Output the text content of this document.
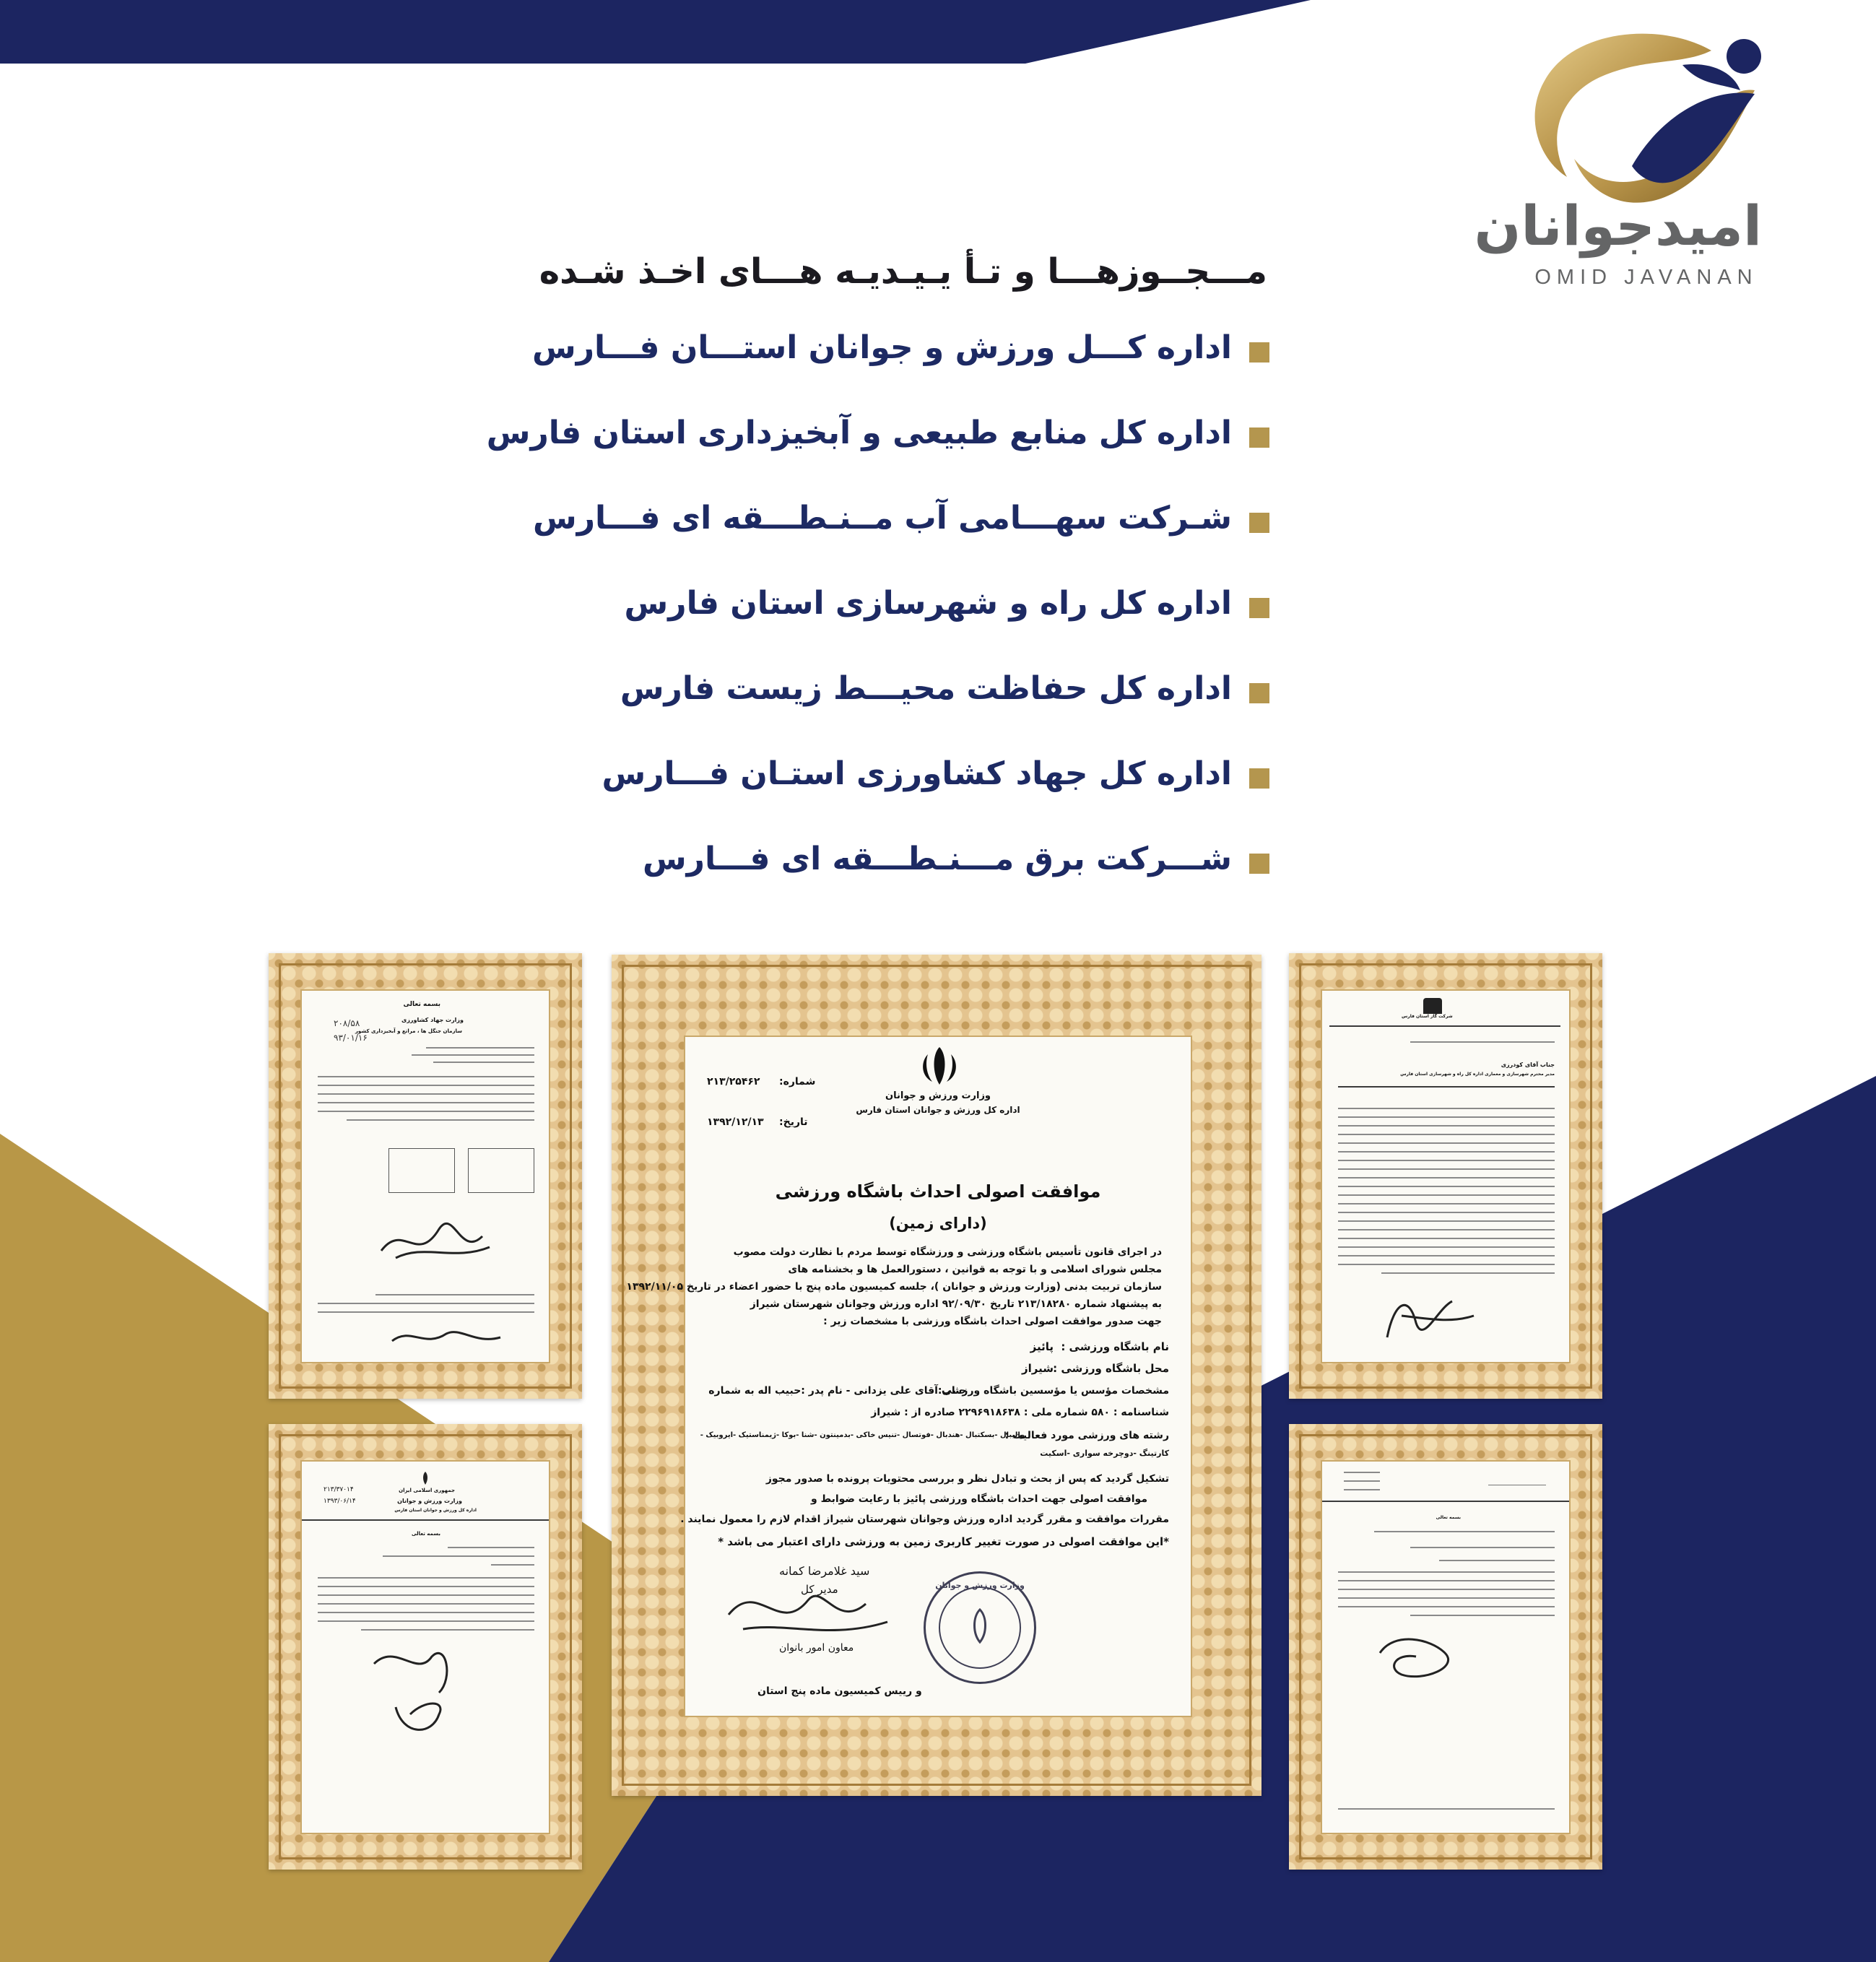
امیدجوانان
OMID JAVANAN
مـــجــوزهـــا و تـأ یـیـدیـه هـــای اخـذ شـده
اداره کـــل ورزش و جوانان استـــان فـــارس
اداره کل منابع طبیعی و آبخیزداری استان فارس
شـرکت سهـــامی آب مــنـطـــقه ای فـــارس
اداره کل راه و شهرسازی استان فارس
اداره کل حفاظت محیـــط زیست فارس
اداره کل جهاد کشاورزی استـان فـــارس
شـــرکت برق مـــنـطـــقه ای فـــارس
بسمه تعالی
وزارت جهاد کشاورزی
سازمان جنگل ها ، مراتع و آبخیزداری کشور
۲۰۸/۵۸
۹۳/۰۱/۱۶
وزارت ورزش و جوانان
اداره کل ورزش و جوانان استان فارس
شماره:
۲۱۳/۲۵۴۶۲
تاریخ:
۱۳۹۲/۱۲/۱۳
موافقت اصولی احداث باشگاه ورزشی
(دارای زمین)
در اجرای قانون تأسیس باشگاه ورزشی و ورزشگاه توسط مردم با نظارت دولت مصوب
مجلس شورای اسلامی و با توجه به قوانین ، دستورالعمل ها و بخشنامه های
سازمان تربیت بدنی (وزارت ورزش و جوانان )، جلسه کمیسیون ماده پنج با حضور اعضاء در تاریخ ۱۳۹۲/۱۱/۰۵
به پیشنهاد شماره ۲۱۳/۱۸۲۸۰ تاریخ ۹۲/۰۹/۳۰ اداره ورزش وجوانان شهرستان شیراز
جهت صدور موافقت اصولی احداث باشگاه ورزشی با مشخصات زیر :
نام باشگاه ورزشی :
پائیز
محل باشگاه ورزشی :
شیراز
مشخصات مؤسس یا مؤسسین باشگاه ورزشی:
جناب آقای علی یزدانی - نام پدر :حبیب اله به شماره
شناسنامه : ۵۸۰ شماره ملی : ۲۲۹۶۹۱۸۶۳۸ صادره از : شیراز
رشته های ورزشی مورد فعالیت :
والیبال -بسکتبال -هندبال -فوتسال -تنیس خاکی -بدمینتون -شنا -بوکا -ژیمناستیک -ایروبیک -
کارتینگ -دوچرخه سواری -اسکیت
تشکیل گردید که پس از بحث و تبادل نظر و بررسی محتویات پرونده با صدور مجوز
موافقت اصولی جهت احداث باشگاه ورزشی پائیز با رعایت ضوابط و
مقررات موافقت و مقرر گردید اداره ورزش وجوانان شهرستان شیراز اقدام لازم را معمول نمایند .
*این موافقت اصولی در صورت تغییر کاربری زمین به ورزشی دارای اعتبار می باشد *
سید غلامرضا کمانه
مدیر کل
معاون امور بانوان
و رییس کمیسیون ماده پنج استان
وزارت ورزش و جوانان
شرکت گاز استان فارس
جناب آقای کودرزی
مدیر محترم شهرسازی و معماری اداره کل راه و شهرسازی استان فارس
جمهوری اسلامی ایران
وزارت ورزش و جوانان
اداره کل ورزش و جوانان استان فارس
۲۱۳/۳۷۰۱۴
۱۳۹۳/۰۶/۱۴
بسمه تعالی
بسمه تعالی
